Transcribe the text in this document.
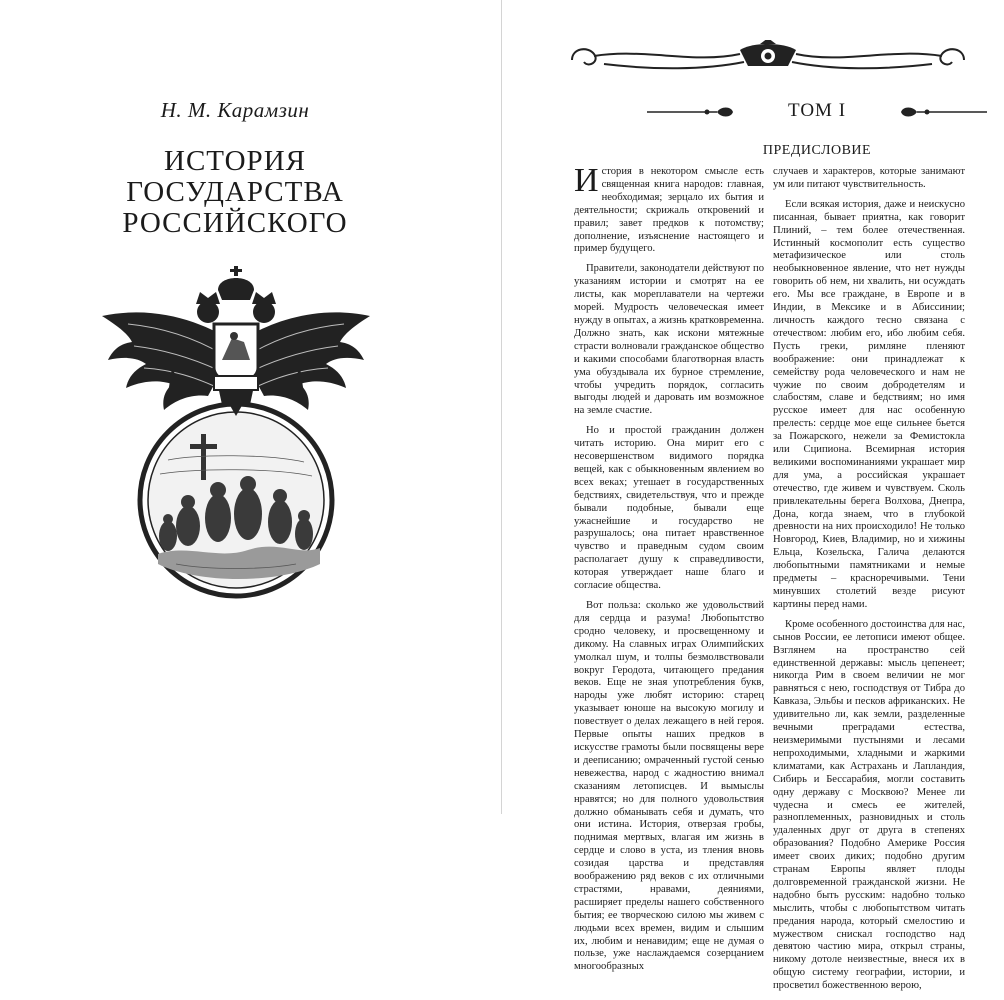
Н. М. Карамзин
ИСТОРИЯ
ГОСУДАРСТВА
РОССИЙСКОГО
ТОМ I
ПРЕДИСЛОВИЕ

История в некотором смысле есть священная книга народов: главная, необходимая; зерцало их бытия и деятельности; скрижаль откровений и правил; завет предков к потомству; дополнение, изъяснение настоящего и пример будущего.

Правители, законодатели действуют по указаниям истории и смотрят на ее листы, как мореплаватели на чертежи морей. Мудрость человеческая имеет нужду в опытах, а жизнь кратковременна. Должно знать, как искони мятежные страсти волновали гражданское общество и какими способами благотворная власть ума обуздывала их бурное стремление, чтобы учредить порядок, согласить выгоды людей и даровать им возможное на земле счастие.

Но и простой гражданин должен читать историю. Она мирит его с несовершенством видимого порядка вещей, как с обыкновенным явлением во всех веках; утешает в государственных бедствиях, свидетельствуя, что и прежде бывали подобные, бывали еще ужаснейшие и государство не разрушалось; она питает нравственное чувство и праведным судом своим располагает душу к справедливости, которая утверждает наше благо и согласие общества.

Вот польза: сколько же удовольствий для сердца и разума! Любопытство сродно человеку, и просвещенному и дикому. На славных играх Олимпийских умолкал шум, и толпы безмолвствовали вокруг Геродота, читающего предания веков. Еще не зная употребления букв, народы уже любят историю: старец указывает юноше на высокую могилу и повествует о делах лежащего в ней героя. Первые опыты наших предков в искусстве грамоты были посвящены вере и дееписанию; омраченный густой сенью невежества, народ с жадностию внимал сказаниям летописцев. И вымыслы нравятся; но для полного удовольствия должно обманывать себя и думать, что они истина. История, отверзая гробы, поднимая мертвых, влагая им жизнь в сердце и слово в уста, из тления вновь созидая царства и представляя воображению ряд веков с их отличными страстями, нравами, деяниями, расширяет пределы нашего собственного бытия; ее творческою силою мы живем с людьми всех времен, видим и слышим их, любим и ненавидим; еще не думая о пользе, уже наслаждаемся созерцанием многообразных

случаев и характеров, которые занимают ум или питают чувствительность.

Если всякая история, даже и неискусно писанная, бывает приятна, как говорит Плиний, – тем более отечественная. Истинный космополит есть существо метафизическое или столь необыкновенное явление, что нет нужды говорить об нем, ни хвалить, ни осуждать его. Мы все граждане, в Европе и в Индии, в Мексике и в Абиссинии; личность каждого тесно связана с отечеством: любим его, ибо любим себя. Пусть греки, римляне пленяют воображение: они принадлежат к семейству рода человеческого и нам не чужие по своим добродетелям и слабостям, славе и бедствиям; но имя русское имеет для нас особенную прелесть: сердце мое еще сильнее бьется за Пожарского, нежели за Фемистокла или Сципиона. Всемирная история великими воспоминаниями украшает мир для ума, а российская украшает отечество, где живем и чувствуем. Сколь привлекательны берега Волхова, Днепра, Дона, когда знаем, что в глубокой древности на них происходило! Не только Новгород, Киев, Владимир, но и хижины Ельца, Козельска, Галича делаются любопытными памятниками и немые предметы – красноречивыми. Тени минувших столетий везде рисуют картины перед нами.

Кроме особенного достоинства для нас, сынов России, ее летописи имеют общее. Взглянем на пространство сей единственной державы: мысль цепенеет; никогда Рим в своем величии не мог равняться с нею, господствуя от Тибра до Кавказа, Эльбы и песков африканских. Не удивительно ли, как земли, разделенные вечными преградами естества, неизмеримыми пустынями и лесами непроходимыми, хладными и жаркими климатами, как Астрахань и Лапландия, Сибирь и Бессарабия, могли составить одну державу с Москвою? Менее ли чудесна и смесь ее жителей, разноплеменных, разновидных и столь удаленных друг от друга в степенях образования? Подобно Америке Россия имеет своих диких; подобно другим странам Европы являет плоды долговременной гражданской жизни. Не надобно быть русским: надобно только мыслить, чтобы с любопытством читать предания народа, который смелостию и мужеством снискал господство над девятою частию мира, открыл страны, никому дотоле неизвестные, внеся их в общую систему географии, истории, и просветил божественною верою,
